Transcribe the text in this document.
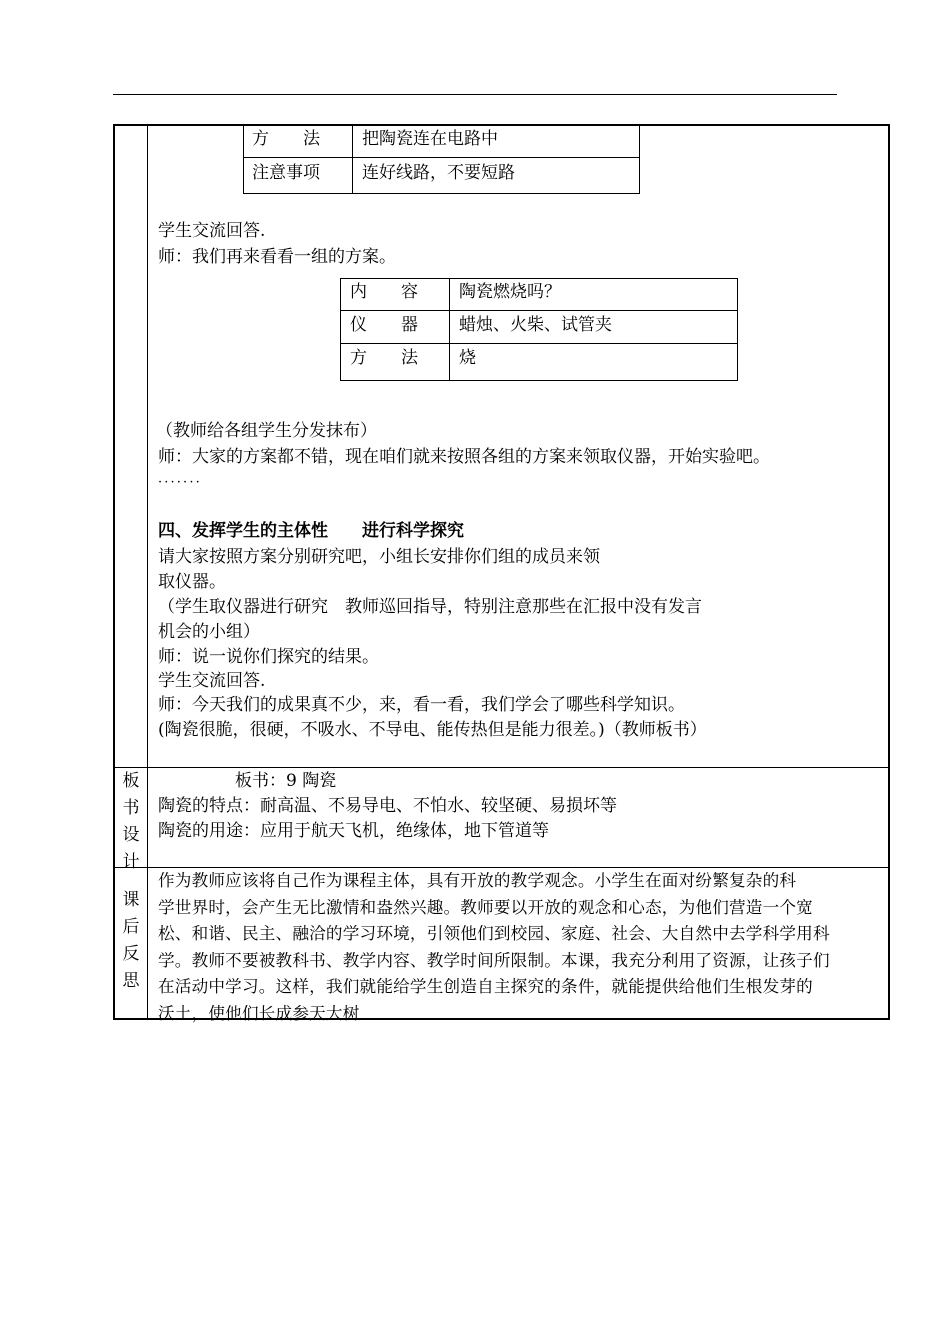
方　　法 把陶瓷连在电路中
注意事项 连好线路，不要短路
学生交流回答.
师：我们再来看看一组的方案。
内　　容 陶瓷燃烧吗？
仪　　器 蜡烛、火柴、试管夹
方　　法 烧
（教师给各组学生分发抹布）
师：大家的方案都不错，现在咱们就来按照各组的方案来领取仪器，开始实验吧。
· · · · · · ·
四、发挥学生的主体性　　进行科学探究
请大家按照方案分别研究吧，小组长安排你们组的成员来领
取仪器。
（学生取仪器进行研究　教师巡回指导，特别注意那些在汇报中没有发言
机会的小组）
师：说一说你们探究的结果。
学生交流回答.
师：今天我们的成果真不少，来，看一看，我们学会了哪些科学知识。
(陶瓷很脆，很硬，不吸水、不导电、能传热但是能力很差。)（教师板书）
板
书
设
计
板书：9 陶瓷
陶瓷的特点：耐高温、不易导电、不怕水、较坚硬、易损坏等
陶瓷的用途：应用于航天飞机，绝缘体，地下管道等
课
后
反
思
作为教师应该将自己作为课程主体，具有开放的教学观念。小学生在面对纷繁复杂的科
学世界时，会产生无比激情和盎然兴趣。教师要以开放的观念和心态，为他们营造一个宽
松、和谐、民主、融洽的学习环境，引领他们到校园、家庭、社会、大自然中去学科学用科
学。教师不要被教科书、教学内容、教学时间所限制。本课，我充分利用了资源，让孩子们
在活动中学习。这样，我们就能给学生创造自主探究的条件，就能提供给他们生根发芽的
沃土，使他们长成参天大树
